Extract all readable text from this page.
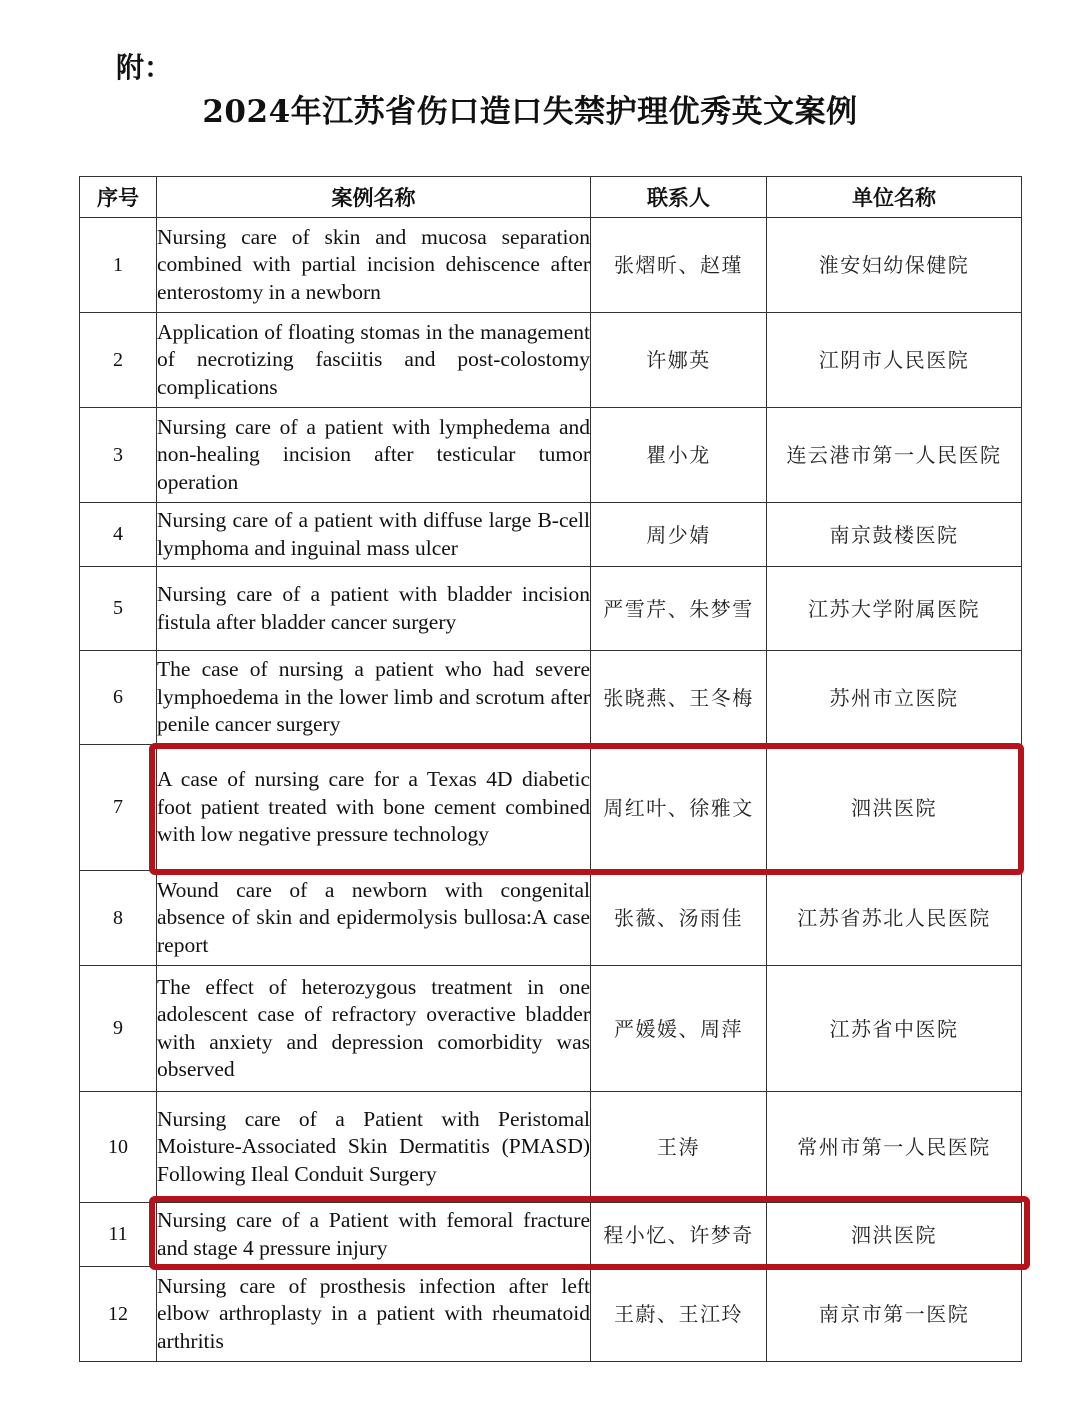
附：
2024年江苏省伤口造口失禁护理优秀英文案例
序号	案例名称	联系人	单位名称
1	Nursing care of skin and mucosa separation combined with partial incision dehiscence after enterostomy in a newborn	张熠昕、赵瑾	淮安妇幼保健院
2	Application of floating stomas in the management of necrotizing fasciitis and post-colostomy complications	许娜英	江阴市人民医院
3	Nursing care of a patient with lymphedema and non-healing incision after testicular tumor operation	瞿小龙	连云港市第一人民医院
4	Nursing care of a patient with diffuse large B-cell lymphoma and inguinal mass ulcer	周少婧	南京鼓楼医院
5	Nursing care of a patient with bladder incision fistula after bladder cancer surgery	严雪芹、朱梦雪	江苏大学附属医院
6	The case of nursing a patient who had severe lymphoedema in the lower limb and scrotum after penile cancer surgery	张晓燕、王冬梅	苏州市立医院
7	A case of nursing care for a Texas 4D diabetic foot patient treated with bone cement combined with low negative pressure technology	周红叶、徐雅文	泗洪医院
8	Wound care of a newborn with congenital absence of skin and epidermolysis bullosa:A case report	张薇、汤雨佳	江苏省苏北人民医院
9	The effect of heterozygous treatment in one adolescent case of refractory overactive bladder with anxiety and depression comorbidity was observed	严媛媛、周萍	江苏省中医院
10	Nursing care of a Patient with Peristomal Moisture-Associated Skin Dermatitis (PMASD) Following Ileal Conduit Surgery	王涛	常州市第一人民医院
11	Nursing care of a Patient with femoral fracture and stage 4 pressure injury	程小忆、许梦奇	泗洪医院
12	Nursing care of prosthesis infection after left elbow arthroplasty in a patient with rheumatoid arthritis	王蔚、王江玲	南京市第一医院
